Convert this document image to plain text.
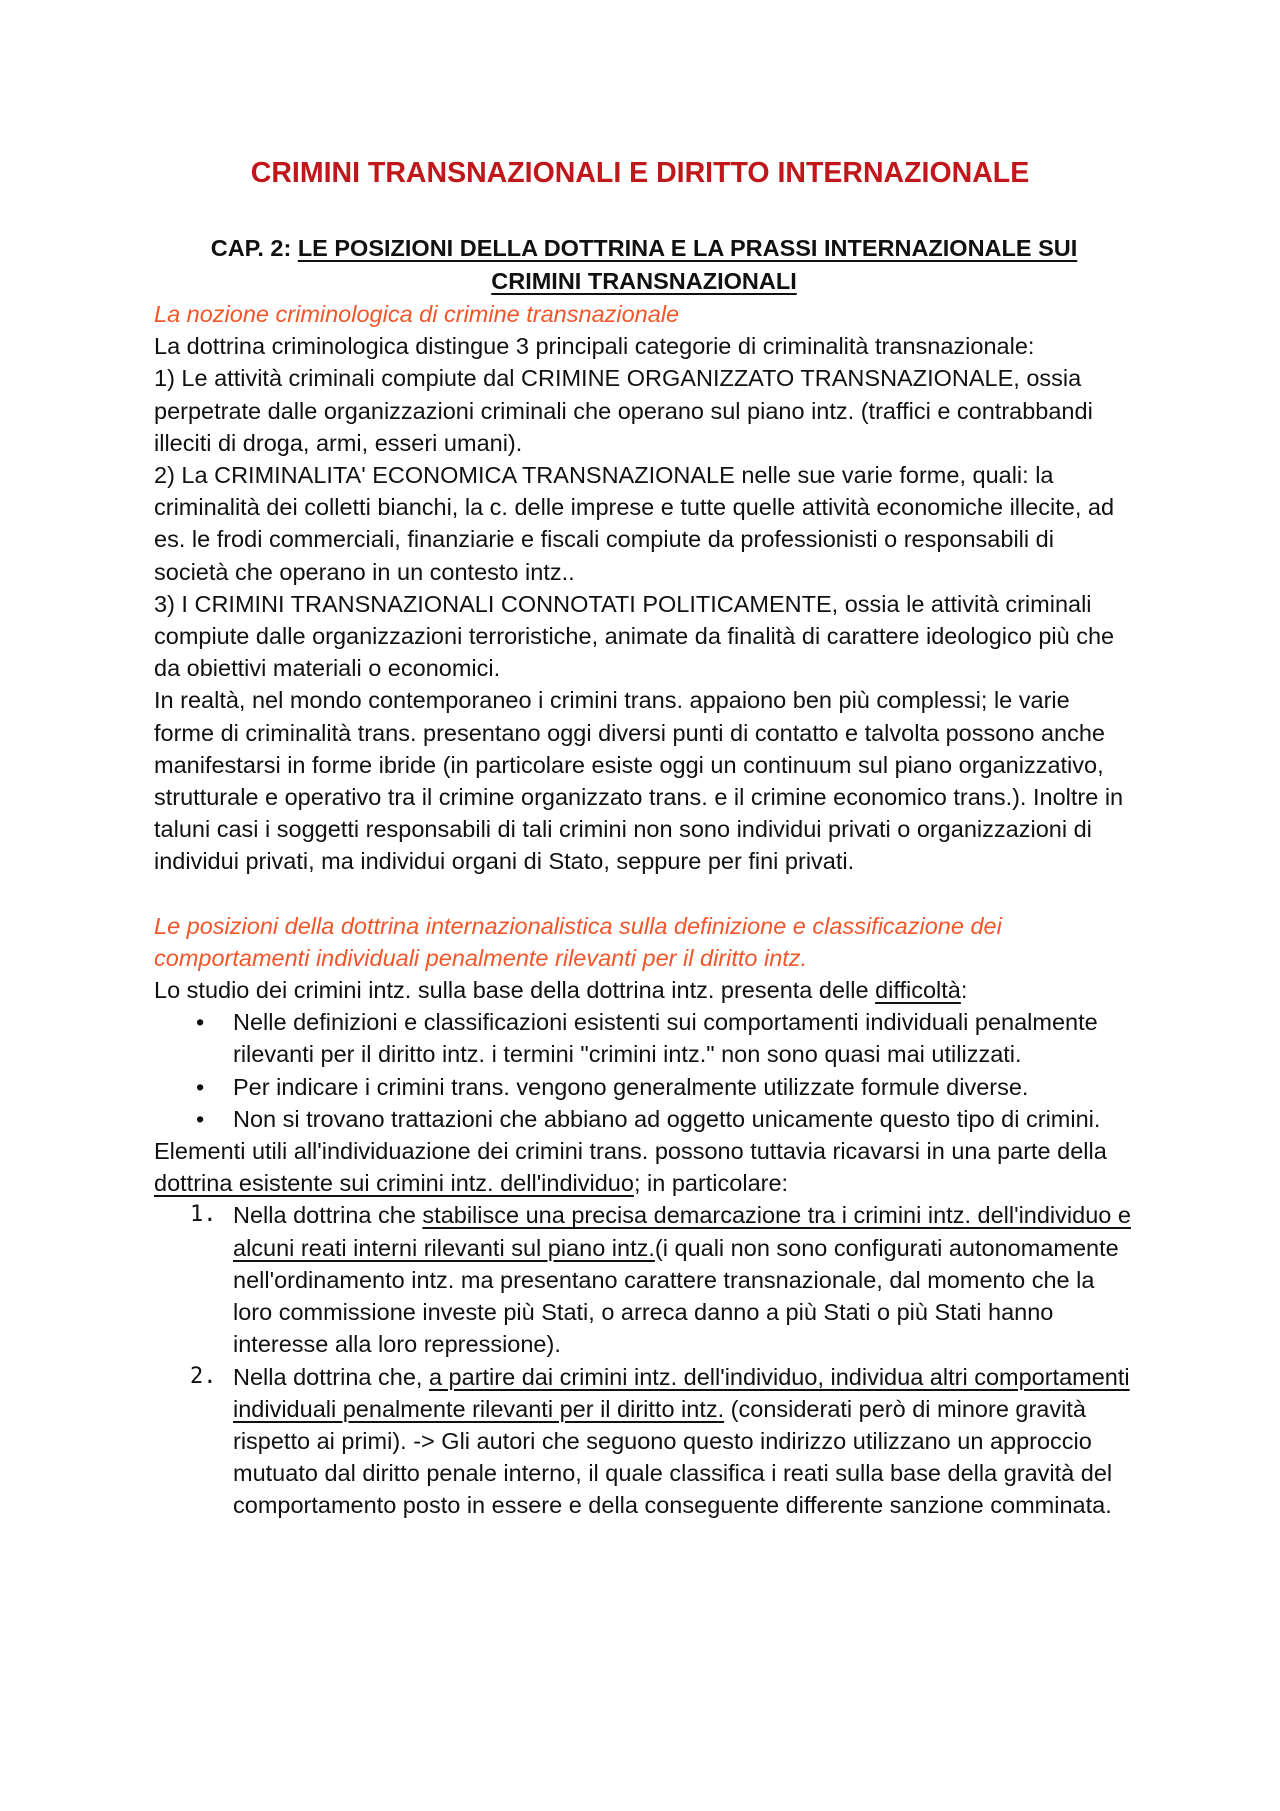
CRIMINI TRANSNAZIONALI E DIRITTO INTERNAZIONALE
CAP. 2: LE POSIZIONI DELLA DOTTRINA E LA PRASSI INTERNAZIONALE SUI
CRIMINI TRANSNAZIONALI

La nozione criminologica di crimine transnazionale

La dottrina criminologica distingue 3 principali categorie di criminalità transnazionale:

1) Le attività criminali compiute dal CRIMINE ORGANIZZATO TRANSNAZIONALE, ossia perpetrate dalle organizzazioni criminali che operano sul piano intz. (traffici e contrabbandi illeciti di droga, armi, esseri umani).

2) La CRIMINALITA' ECONOMICA TRANSNAZIONALE nelle sue varie forme, quali: la criminalità dei colletti bianchi, la c. delle imprese e tutte quelle attività economiche illecite, ad es. le frodi commerciali, finanziarie e fiscali compiute da professionisti o responsabili di società che operano in un contesto intz..

3) I CRIMINI TRANSNAZIONALI CONNOTATI POLITICAMENTE, ossia le attività criminali compiute dalle organizzazioni terroristiche, animate da finalità di carattere ideologico più che da obiettivi materiali o economici.

In realtà, nel mondo contemporaneo i crimini trans. appaiono ben più complessi; le varie forme di criminalità trans. presentano oggi diversi punti di contatto e talvolta possono anche manifestarsi in forme ibride (in particolare esiste oggi un continuum sul piano organizzativo, strutturale e operativo tra il crimine organizzato trans. e il crimine economico trans.). Inoltre in taluni casi i soggetti responsabili di tali crimini non sono individui privati o organizzazioni di individui privati, ma individui organi di Stato, seppure per fini privati.

Le posizioni della dottrina internazionalistica sulla definizione e classificazione dei comportamenti individuali penalmente rilevanti per il diritto intz.

Lo studio dei crimini intz. sulla base della dottrina intz. presenta delle difficoltà:

• Nelle definizioni e classificazioni esistenti sui comportamenti individuali penalmente rilevanti per il diritto intz. i termini "crimini intz." non sono quasi mai utilizzati.
• Per indicare i crimini trans. vengono generalmente utilizzate formule diverse.
• Non si trovano trattazioni che abbiano ad oggetto unicamente questo tipo di crimini.

Elementi utili all'individuazione dei crimini trans. possono tuttavia ricavarsi in una parte della dottrina esistente sui crimini intz. dell'individuo; in particolare:

1. Nella dottrina che stabilisce una precisa demarcazione tra i crimini intz. dell'individuo e alcuni reati interni rilevanti sul piano intz.(i quali non sono configurati autonomamente nell'ordinamento intz. ma presentano carattere transnazionale, dal momento che la loro commissione investe più Stati, o arreca danno a più Stati o più Stati hanno interesse alla loro repressione).
2. Nella dottrina che, a partire dai crimini intz. dell'individuo, individua altri comportamenti individuali penalmente rilevanti per il diritto intz. (considerati però di minore gravità rispetto ai primi). -> Gli autori che seguono questo indirizzo utilizzano un approccio mutuato dal diritto penale interno, il quale classifica i reati sulla base della gravità del comportamento posto in essere e della conseguente differente sanzione comminata.
